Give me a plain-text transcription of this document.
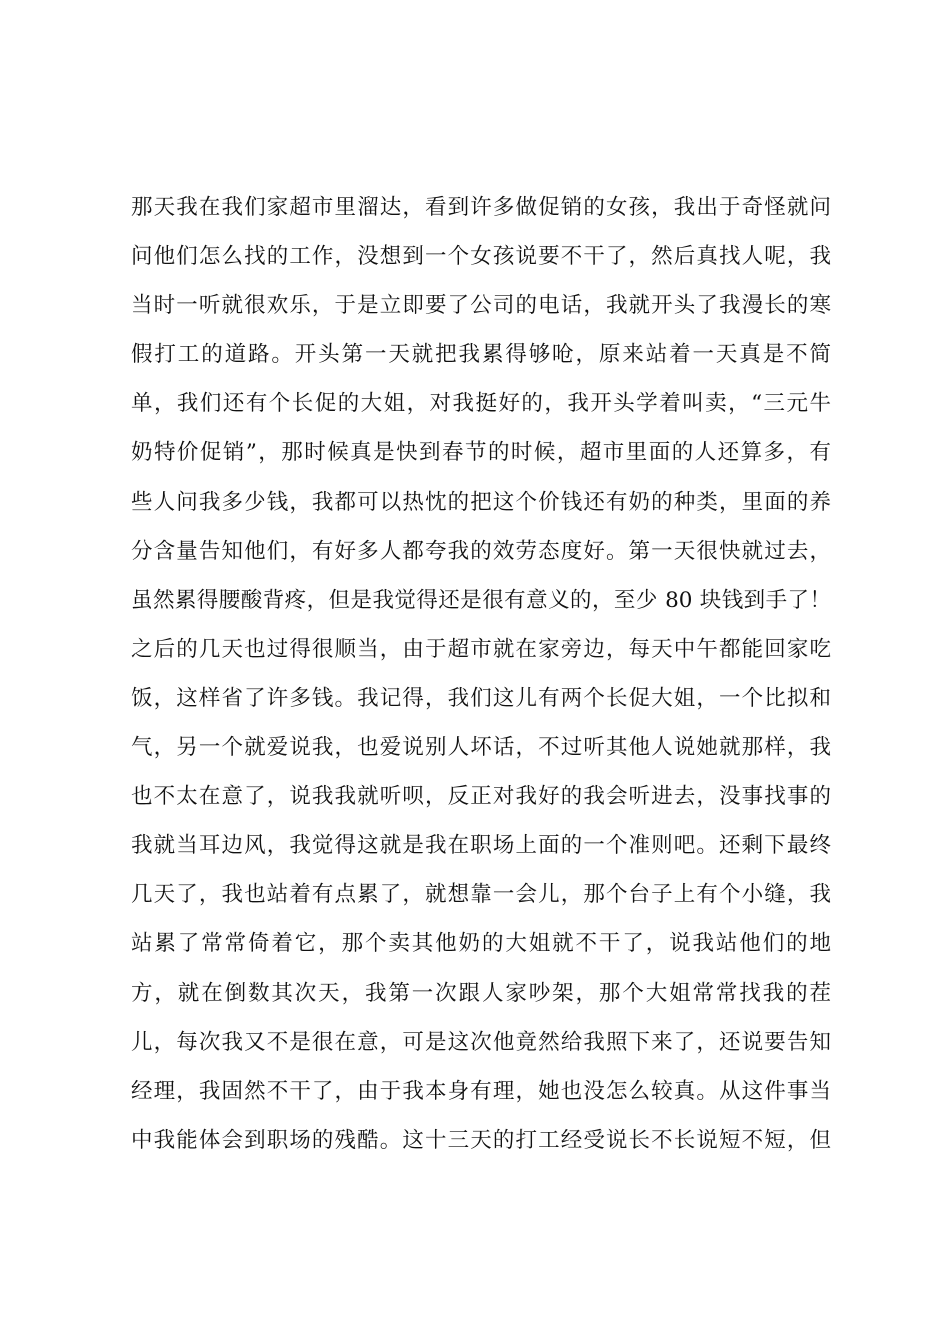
那天我在我们家超市里溜达，看到许多做促销的女孩，我出于奇怪就问
问他们怎么找的工作，没想到一个女孩说要不干了，然后真找人呢，我
当时一听就很欢乐，于是立即要了公司的电话，我就开头了我漫长的寒
假打工的道路。开头第一天就把我累得够呛，原来站着一天真是不简
单，我们还有个长促的大姐，对我挺好的，我开头学着叫卖，“三元牛
奶特价促销”，那时候真是快到春节的时候，超市里面的人还算多，有
些人问我多少钱，我都可以热忱的把这个价钱还有奶的种类，里面的养
分含量告知他们，有好多人都夸我的效劳态度好。第一天很快就过去，
虽然累得腰酸背疼，但是我觉得还是很有意义的，至少 80 块钱到手了！
之后的几天也过得很顺当，由于超市就在家旁边，每天中午都能回家吃
饭，这样省了许多钱。我记得，我们这儿有两个长促大姐，一个比拟和
气，另一个就爱说我，也爱说别人坏话，不过听其他人说她就那样，我
也不太在意了，说我我就听呗，反正对我好的我会听进去，没事找事的
我就当耳边风，我觉得这就是我在职场上面的一个准则吧。还剩下最终
几天了，我也站着有点累了，就想靠一会儿，那个台子上有个小缝，我
站累了常常倚着它，那个卖其他奶的大姐就不干了，说我站他们的地
方，就在倒数其次天，我第一次跟人家吵架，那个大姐常常找我的茬
儿，每次我又不是很在意，可是这次他竟然给我照下来了，还说要告知
经理，我固然不干了，由于我本身有理，她也没怎么较真。从这件事当
中我能体会到职场的残酷。这十三天的打工经受说长不长说短不短，但
